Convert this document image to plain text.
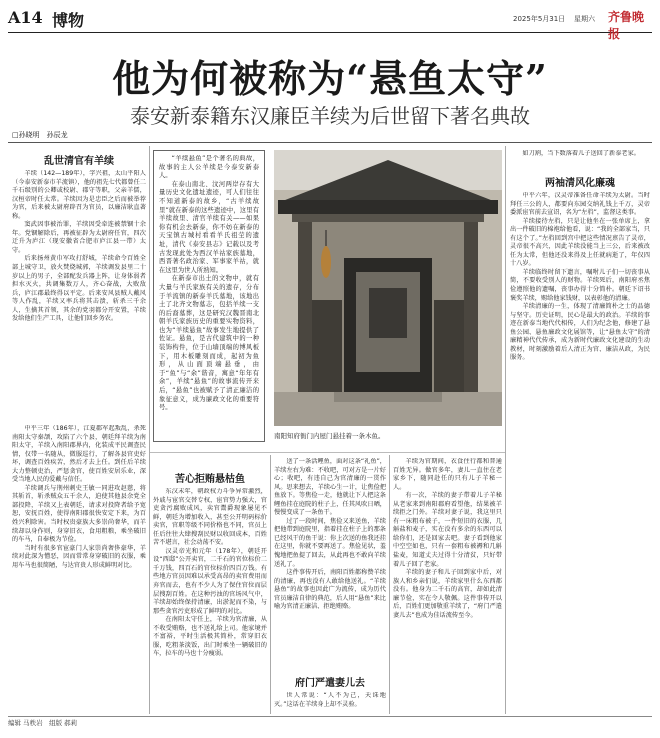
A14 博物	2025年5月31日 星期六 齐鲁晚报
他为何被称为“悬鱼太守”
泰安新泰籍东汉廉臣羊续为后世留下著名典故
□孙晓明　孙辰龙
乱世清官有羊续

羊续（142—189年），字兴祖，太山平阳人（今泰安新泰市羊流镇），他的祖先七代都曾任二千石级别的公卿或校尉、郡守等职，父亲羊儒，汉桓帝时任太常。羊续因为是忠臣之后而被举荐为官，后来被太尉府辟召为官员，以廉洁耿直著称。

窦武因事被治罪，羊续因受牵连被禁锢十余年。党锢解除后，再被征辟为太尉府任官，四次迁升为庐江（现安徽省合肥市庐江县一带）太守。

后来扬州黄巾军攻打舒城，羊续命令百姓全部上城守卫，放火焚烧城郭，羊续调发县里二十岁以上的男子，全部配发兵器上阵，让身体弱者担水灭火，共调集数万人，齐心奋战，大败敌兵，庐江郡最终得以平定。后来安风县贼人戴风等人作乱，羊续又率兵将其击溃，斩杀三千余人，生擒其首领，其余的党羽都分开安置，羊续发给他们生产工具，让他们回乡务农。

中平三年（186年），江夏郡军起叛乱，杀死南阳太守秦颉，攻陷了六个县，朝廷拜羊续为南阳太守，羊续入南阳郡界内，化装成平民调查民情，仅带一名随从，微服巡行，了解各县官吏好坏，调查百姓疾苦，然后才去上任。到任后羊续大力整顿吏治，严惩贪官，使百姓安居乐业，深受当地人民的爱戴与信任。

羊续调兵与荆州刺史王敏一同进攻赵慈，将其斩首，斩杀贼众五千余人，迫使其他县余党全部投降，羊续又上表朝廷，请求对投降者给予宽恕，安抚百姓，使得南阳郡很快安定下来，为百姓兴利除害。当时权贵豪族大多崇尚奢华，而羊续却以身作则，身穿旧衣，食用粗粮，乘坐破旧的车马，自奉极为节俭。

当时有很多官宦豪门人家崇尚奢侈豪华，羊续对此深为憎恶，因而常常身穿破旧的衣服，乘用车马也很简陋，与达官贵人形成鲜明对比。

“羊续悬鱼”是个著名的典故，故事的主人公羊续是今泰安新泰人。

在泰山南北、汶河两岸存有大量历史文化遗址遗迹，可人们往往不知道新泰的故乡，“古羊续故里”就在新泰的这些遗迹中，这里有羊续故里、清官羊续有关——如果你有机会去新泰，你不妨在新泰的天宝镇古城村看看羊氏祖茔的遗址，清代《泰安县志》记载以及考古发现此处为西汉羊祜家族墓地，西晋著名政治家、军事家羊祜，就在这里为世人所熟知。

在新泰市出土的文物中，就有大量与羊氏家族有关的遗存，分布于羊流镇的新泰羊氏墓地，该地出土了北齐文物墓志，包括羊续一支的后裔墓葬，这是研究汉魏晋南北朝羊氏家族历史的重要实物资料，也为“羊续悬鱼”故事发生地提供了佐证。悬鱼，是古代建筑中的一种装饰构件，位于山墙顶端的博风板下，用木板雕刻而成，起初为鱼形，从山面顶端悬垂，由于“鱼”与“余”谐音，寓意“年年有余”，羊续“悬鱼”的故事流传开来后，“悬鱼”也被赋予了清正廉洁的象征意义，成为廉政文化的重要符号。

南阳知府衙门内屋门悬挂着一条木鱼。

如刀割，当下数落着儿子送回了新泰老家。

两袖清风化廉魂

中平六年，汉灵帝准备任命羊续为太尉。当时拜任三公的人，都要向东园交纳礼钱上千万，灵帝委派宦官前去宣诏，名为“左驺”，监督这类事。

羊续接待左驺，只是让他坐在一张单席上，拿出一件破旧的棉袍给他看，说：“我的全部家当，只有这个了。”左驺回到宫中把这些情况禀告了灵帝，灵帝很不高兴，因此羊续没能当上三公，后来被改任为太常，但他还没来得及上任就病逝了，年仅四十八岁。

羊续临终时留下遗言，嘱咐儿子们一切丧事从简，不要收受别人的财物。羊续死后，南阳府丞焦俭遵照他的遗嘱，丧事办得十分简朴。朝廷下诏书褒奖羊续，赐给他家钱财，以表彰他的清廉。

羊续清廉的一生，体现了清廉简朴之士的品德与坚守。历史证明，民心是最大的政治。羊续的事迹在新泰当地代代相传，人们为纪念他，修建了悬鱼公园、悬鱼廉政文化展馆等，让“悬鱼太守”的清廉精神代代传承，成为新时代廉政文化建设的生动教材，时刻激励着后人清正为官、廉洁从政，为民服务。

苦心拒贿悬枯鱼

东汉末年，朝政权力斗争异常激烈，外戚与宦官交替专权，宦官势力强大，官吏贪污腐败成风，卖官鬻爵现象屡见不鲜，朝廷为增加收入，甚至公开明码标价卖官，官职等级不同价格也不同，官员上任后往往大肆搜刮民财以收回成本，百姓苦不堪言，社会动荡不安。

汉灵帝光和元年（178年），朝廷开设“西邸”公开卖官，二千石的官位标价二千万钱，四百石的官位标价四百万钱。有些地方官员因难以承受高昂的卖官费用而弃官而去，也有不少人为了保住官位而层层搜刮百姓。在这种污浊的官场风气中，羊续却始终保持清廉，出淤泥而不染，与那些贪官污吏形成了鲜明的对比。

在南阳太守任上，羊续为官清廉，从不收受贿赂，也不送礼给上司。他家境并不富裕，平时生活极其简朴，常穿旧衣服，吃粗茶淡饭，出门时乘坐一辆破旧的车，拉车的马也十分瘦弱。

送了一条活鲤鱼，面对这条“礼鱼”，羊续左右为难：不收吧，可对方是一片好心；收吧，有违自己为官清廉的一贯作风。思来想去，羊续心生一计，让焦俭把鱼放下。等焦俭一走，他就让下人把这条鲤鱼挂在庭院的柱子上，任其风吹日晒，慢慢变成了一条鱼干。

过了一段时间，焦俭又来送鱼，羊续把他带到庭院里，指着挂在柱子上的那条已经风干的鱼干说：你上次送的鱼我还挂在这里，你就不要再送了。焦俭见状，羞愧地把鱼提了回去，从此再也不敢向羊续送礼了。

这件事传开后，南阳百姓都称赞羊续的清廉，再也没有人敢给他送礼。“羊续悬鱼”的故事也因此广为流传，成为历代官员廉洁自律的典范，后人用“悬鱼”来比喻为官清正廉洁、拒绝贿赂。

府门严遣妻儿去

世人常说：“人不为己，天诛地灭。”这话在羊续身上却不灵验。

羊续为官期间，衣食住行都和普通百姓无异。做官多年，妻儿一直住在老家乡下，随同赴任的只有儿子羊秘一人。

有一次，羊续的妻子带着儿子羊秘从老家来到南阳郡府看望他，结果被羊续拒之门外。羊续对妻子说，我这里只有一床粗布被子，一件短旧的衣服，几斛盐和麦子，实在没有多余的东西可以给你们，还是回家去吧。妻子看到他家中空空如也，只有一套粗布被褥和几斛盐麦，知道丈夫过得十分清贫，只好带着儿子回了老家。

羊续的妻子和儿子回到家中后，对族人和乡亲们说，羊续家里什么东西都没有。他身为二千石的高官，却如此清廉节俭，实在令人敬佩。这件事传开以后，百姓们更加敬重羊续了，“府门严遣妻儿去”也成为佳话流传至今。

编辑 马秩岩　组版 郝莉
